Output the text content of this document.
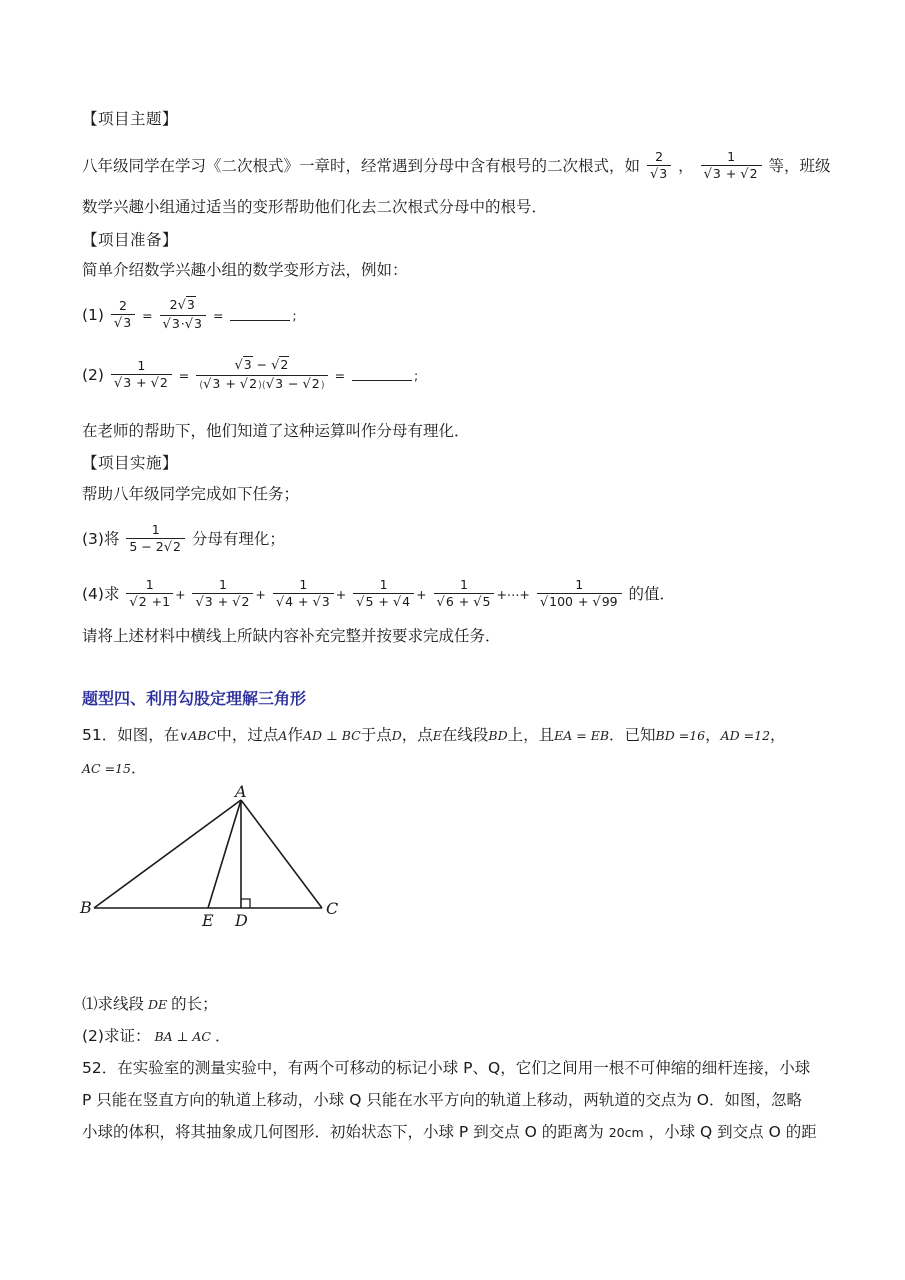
【项目主题】
八年级同学在学习《二次根式》一章时，经常遇到分母中含有根号的二次根式，如 $\frac{2}{√3}$ ， $\frac{1}{√3 + √2}$ 等，班级
数学兴趣小组通过适当的变形帮助他们化去二次根式分母中的根号．
【项目准备】
简单介绍数学兴趣小组的数学变形方法，例如：
$(1) \frac{2}{√3} = \frac{2√3}{√3\cdot√3}$ =	;
$(2) \frac{1}{√3 + √2} = \frac{√3 - √2}{(√3 + √2)(√3 - √2)}$ =	;
在老师的帮助下，他们知道了这种运算叫作分母有理化．
【项目实施】
帮助八年级同学完成如下任务；
(3)将 $\frac{1}{5 - 2√2}$ 分母有理化；
(4)求 $\frac{1}{√2 +1} + \frac{1}{√3 + √2} + \frac{1}{√4 + √3} + \frac{1}{√5 + √4} + \frac{1}{√6 + √5}$ +⋯+ $\frac{1}{√100 + √99}$ 的值．
请将上述材料中横线上所缺内容补充完整并按要求完成任务．
题型四、利用勾股定理解三角形
51．如图，在∨ABC中，过点A作AD ⊥ BC于点D，点E在线段BD上，且EA = EB．已知BD =16，AD =12，
AC =15．
A
B	C
E D
⑴求线段 DE 的长；
(2)求证： BA ⊥ AC ．
52．在实验室的测量实验中，有两个可移动的标记小球 P、Q，它们之间用一根不可伸缩的细杆连接，小球
P 只能在竖直方向的轨道上移动，小球 Q 只能在水平方向的轨道上移动，两轨道的交点为 O．如图，忽略
小球的体积，将其抽象成几何图形．初始状态下，小球 P 到交点 O 的距离为 20cm ，小球 Q 到交点 O 的距
